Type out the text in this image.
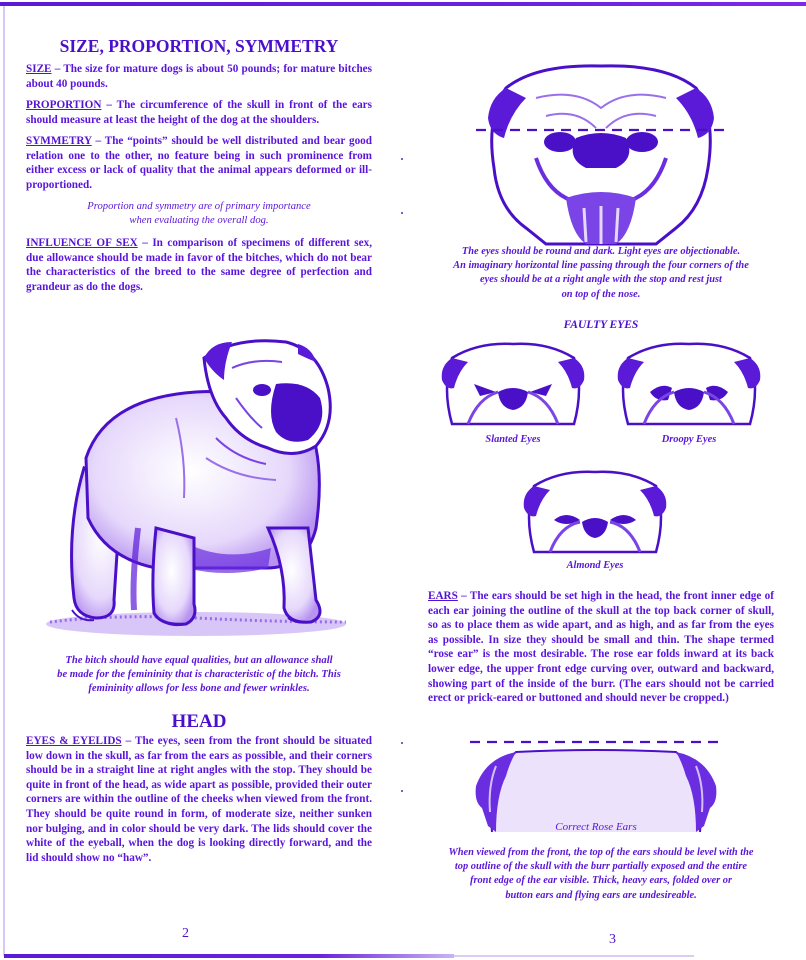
SIZE, PROPORTION, SYMMETRY

SIZE – The size for mature dogs is about 50 pounds; for mature bitches about 40 pounds.

PROPORTION – The circumference of the skull in front of the ears should measure at least the height of the dog at the shoulders.

SYMMETRY – The “points” should be well distributed and bear good relation one to the other, no feature being in such prominence from either excess or lack of quality that the animal appears deformed or ill-proportioned.

Proportion and symmetry are of primary importance
when evaluating the overall dog.

INFLUENCE OF SEX – In comparison of specimens of different sex, due allowance should be made in favor of the bitches, which do not bear the characteristics of the breed to the same degree of perfection and grandeur as do the dogs.

The bitch should have equal qualities, but an allowance shall
be made for the femininity that is characteristic of the bitch. This
femininity allows for less bone and fewer wrinkles.
HEAD

EYES & EYELIDS – The eyes, seen from the front should be situated low down in the skull, as far from the ears as possible, and their corners should be in a straight line at right angles with the stop. They should be quite in front of the head, as wide apart as possible, provided their outer corners are within the outline of the cheeks when viewed from the front. They should be quite round in form, of moderate size, neither sunken nor bulging, and in color should be very dark. The lids should cover the white of the eyeball, when the dog is looking directly forward, and the lid should show no “haw”.

2
The eyes should be round and dark. Light eyes are objectionable.
An imaginary horizontal line passing through the four corners of the
eyes should be at a right angle with the stop and rest just
on top of the nose.
FAULTY EYES
Slanted Eyes	Droopy Eyes
Almond Eyes

EARS – The ears should be set high in the head, the front inner edge of each ear joining the outline of the skull at the top back corner of skull, so as to place them as wide apart, and as high, and as far from the eyes as possible. In size they should be small and thin. The shape termed “rose ear” is the most desirable. The rose ear folds inward at its back lower edge, the upper front edge curving over, outward and backward, showing part of the inside of the burr. (The ears should not be carried erect or prick-eared or buttoned and should never be cropped.)

Correct Rose Ears
When viewed from the front, the top of the ears should be level with the
top outline of the skull with the burr partially exposed and the entire
front edge of the ear visible. Thick, heavy ears, folded over or
button ears and flying ears are undesireable.
3
